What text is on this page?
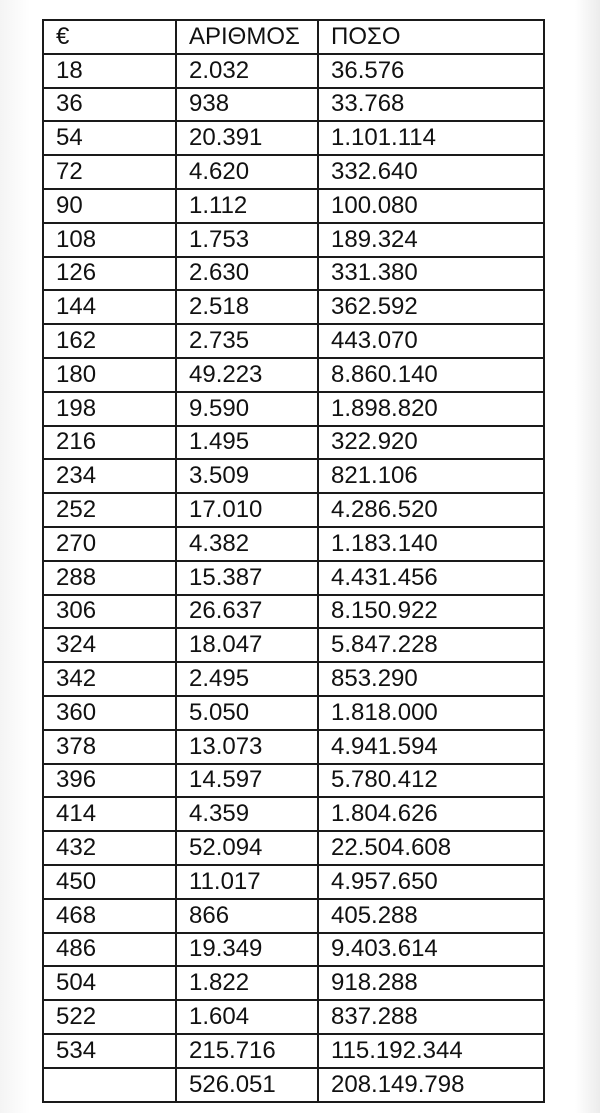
€	ΑΡΙΘΜΟΣ	ΠΟΣΟ
18	2.032	36.576
36	938	33.768
54	20.391	1.101.114
72	4.620	332.640
90	1.112	100.080
108	1.753	189.324
126	2.630	331.380
144	2.518	362.592
162	2.735	443.070
180	49.223	8.860.140
198	9.590	1.898.820
216	1.495	322.920
234	3.509	821.106
252	17.010	4.286.520
270	4.382	1.183.140
288	15.387	4.431.456
306	26.637	8.150.922
324	18.047	5.847.228
342	2.495	853.290
360	5.050	1.818.000
378	13.073	4.941.594
396	14.597	5.780.412
414	4.359	1.804.626
432	52.094	22.504.608
450	11.017	4.957.650
468	866	405.288
486	19.349	9.403.614
504	1.822	918.288
522	1.604	837.288
534	215.716	115.192.344
	526.051	208.149.798
